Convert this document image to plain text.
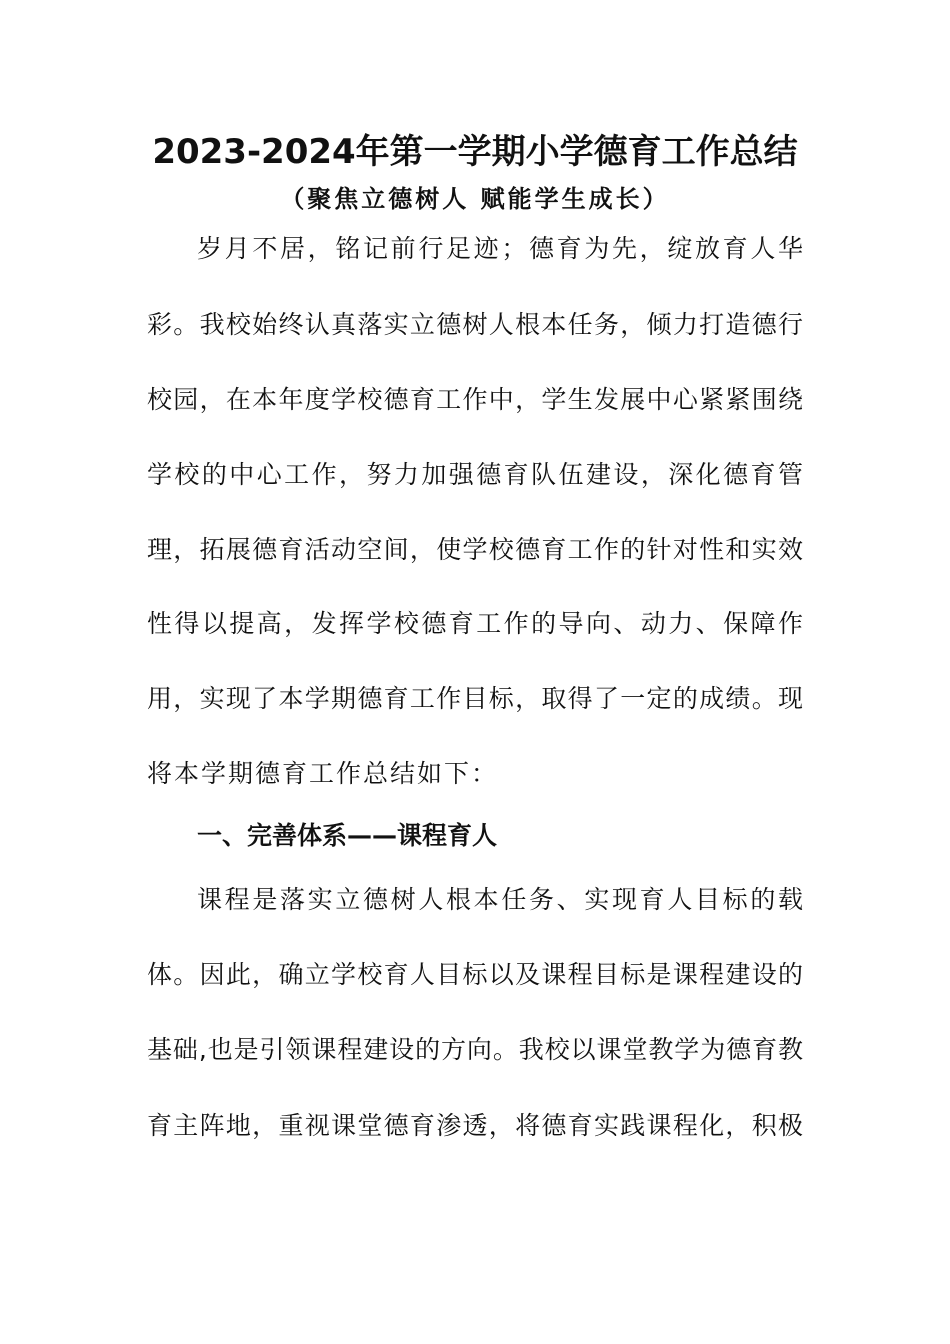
2023-2024年第一学期小学德育工作总结
（聚焦立德树人 赋能学生成长）
岁月不居，铭记前行足迹；德育为先，绽放育人华
彩。我校始终认真落实立德树人根本任务，倾力打造德行
校园，在本年度学校德育工作中，学生发展中心紧紧围绕
学校的中心工作，努力加强德育队伍建设，深化德育管
理，拓展德育活动空间，使学校德育工作的针对性和实效
性得以提高，发挥学校德育工作的导向、动力、保障作
用，实现了本学期德育工作目标，取得了一定的成绩。现
将本学期德育工作总结如下：
一、完善体系——课程育人
课程是落实立德树人根本任务、实现育人目标的载
体。因此，确立学校育人目标以及课程目标是课程建设的
基础,也是引领课程建设的方向。我校以课堂教学为德育教
育主阵地，重视课堂德育渗透，将德育实践课程化，积极
